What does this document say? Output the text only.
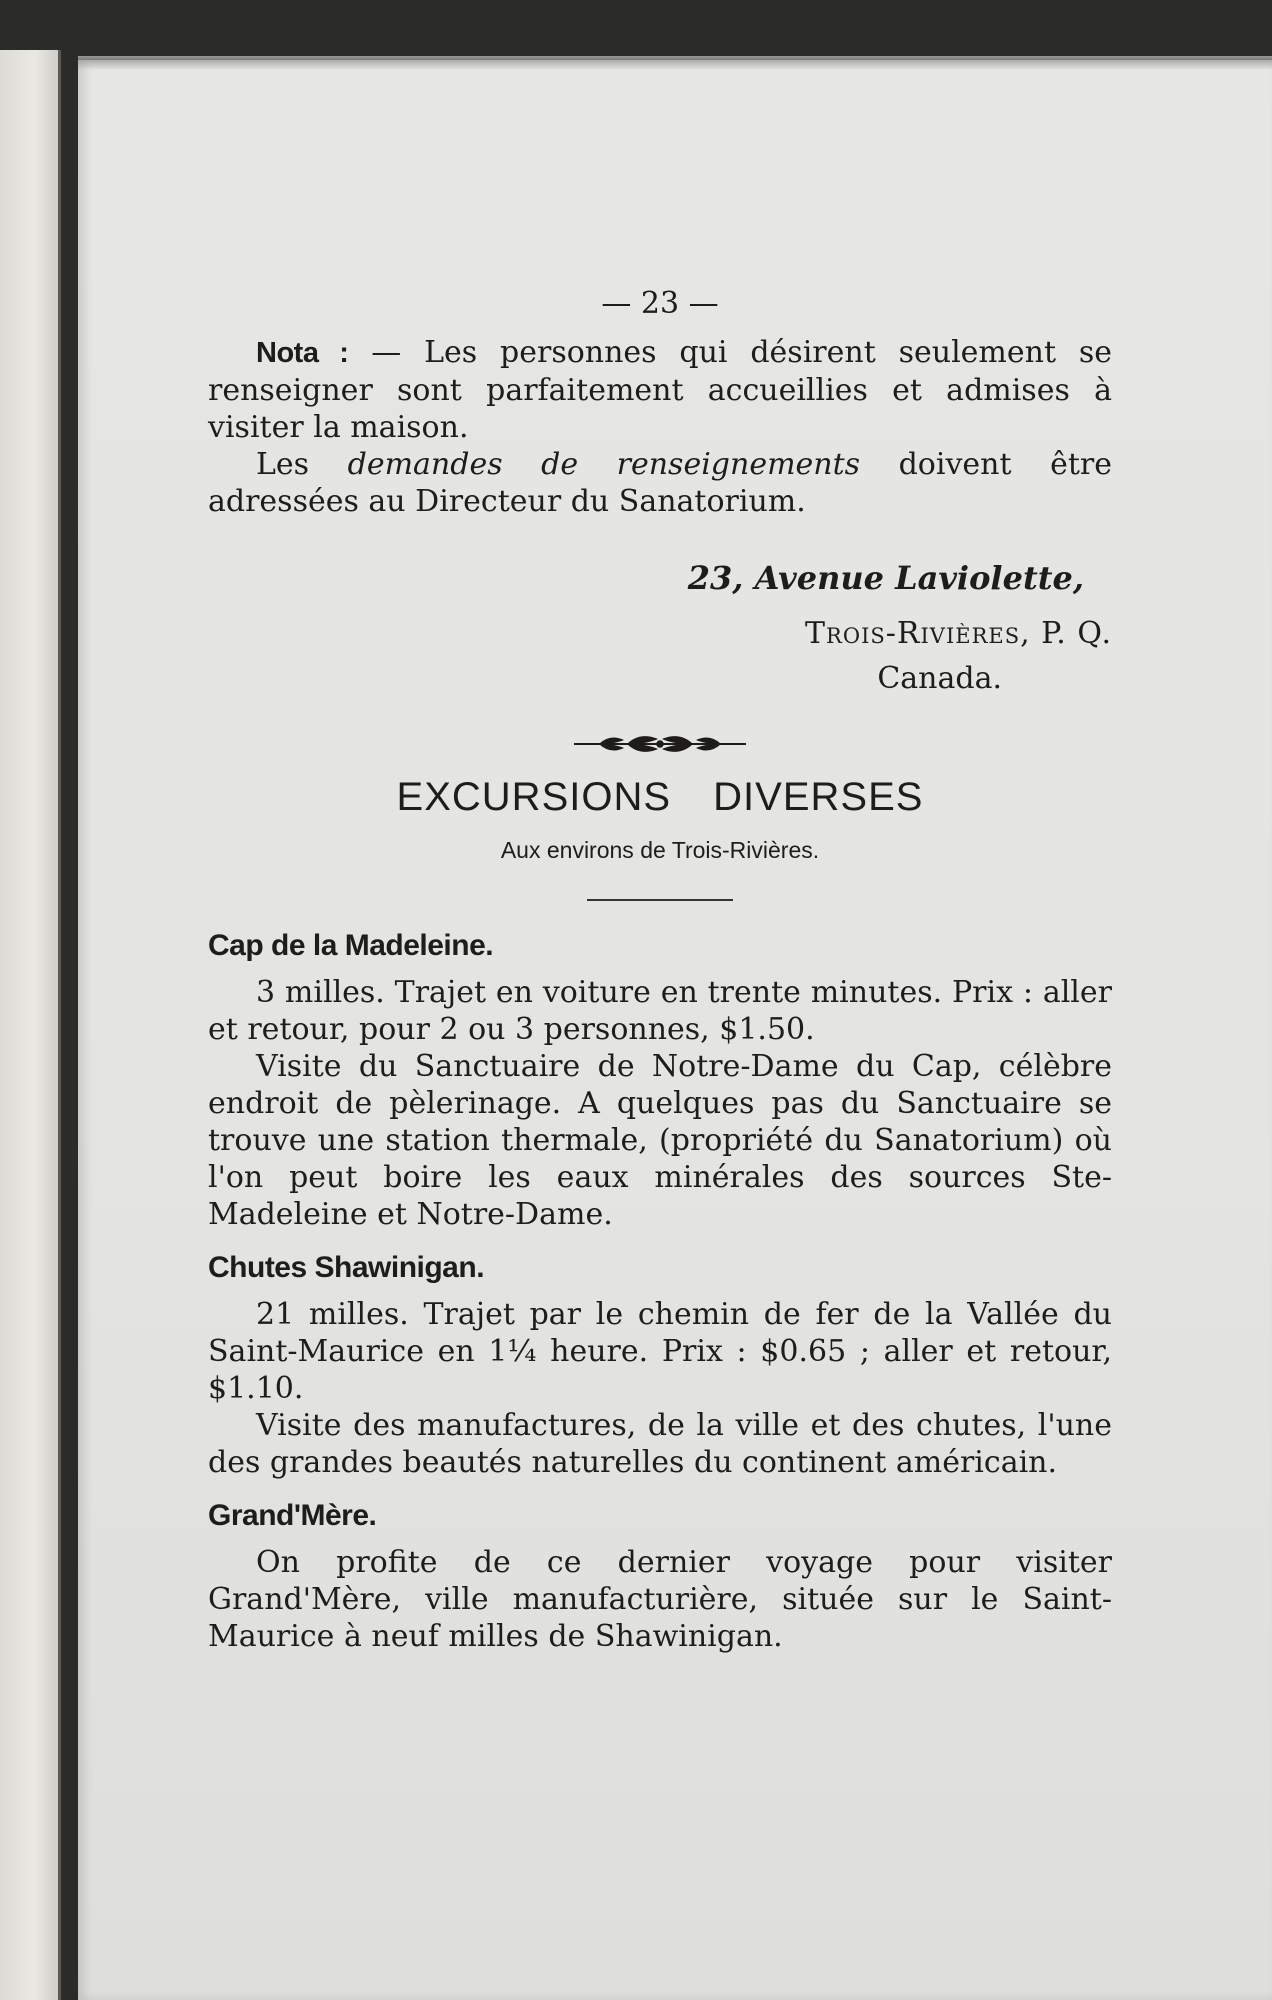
— 23 —

Nota : — Les personnes qui désirent seulement se renseigner sont parfaitement accueillies et admises à visiter la maison.

Les demandes de renseignements doivent être adressées au Directeur du Sanatorium.

23, Avenue Laviolette,
Trois-Rivières, P. Q.
Canada.
EXCURSIONS DIVERSES
Aux environs de Trois-Rivières.
Cap de la Madeleine.

3 milles. Trajet en voiture en trente minutes. Prix : aller et retour, pour 2 ou 3 personnes, $1.50.

Visite du Sanctuaire de Notre-Dame du Cap, célèbre endroit de pèlerinage. A quelques pas du Sanctuaire se trouve une station thermale, (propriété du Sanatorium) où l'on peut boire les eaux minérales des sources Ste-Madeleine et Notre-Dame.

Chutes Shawinigan.

21 milles. Trajet par le chemin de fer de la Vallée du Saint-Maurice en 1¼ heure. Prix : $0.65 ; aller et retour, $1.10.

Visite des manufactures, de la ville et des chutes, l'une des grandes beautés naturelles du continent américain.

Grand'Mère.

On profite de ce dernier voyage pour visiter Grand'Mère, ville manufacturière, située sur le Saint-Maurice à neuf milles de Shawinigan.
